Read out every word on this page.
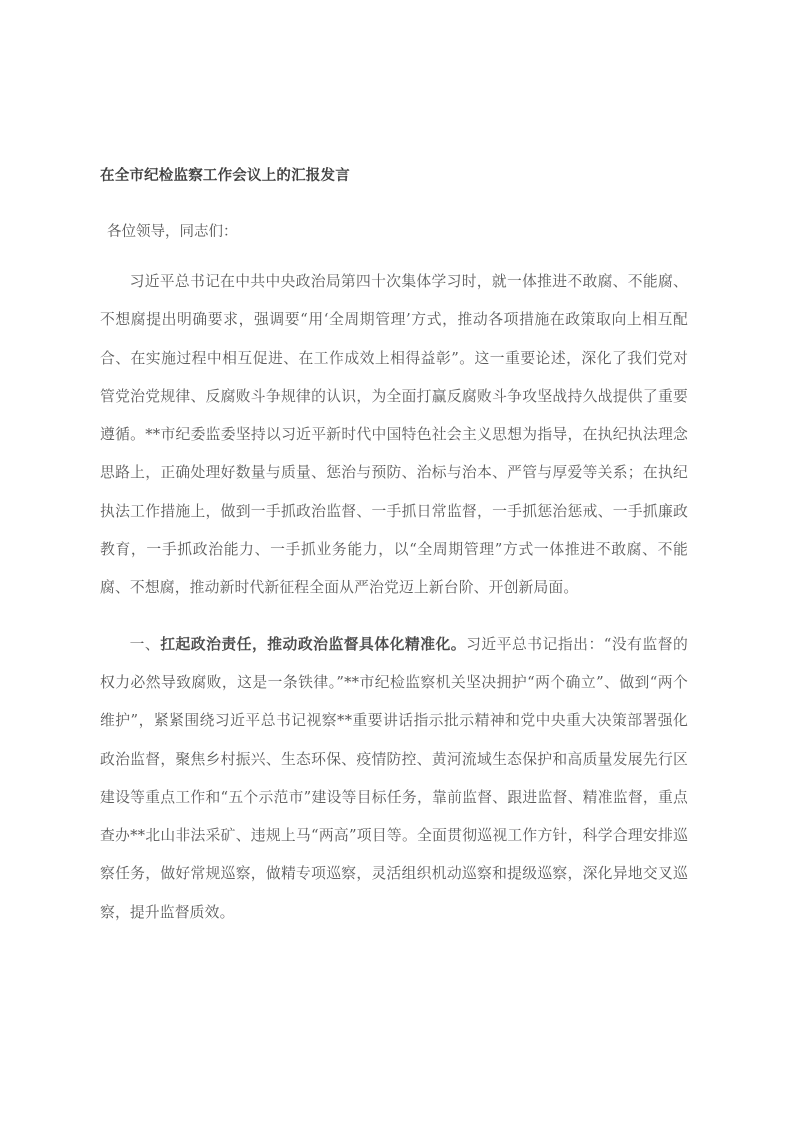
在全市纪检监察工作会议上的汇报发言

各位领导，同志们：

习近平总书记在中共中央政治局第四十次集体学习时，就一体推进不敢腐、不能腐、不想腐提出明确要求，强调要“用‘全周期管理’方式，推动各项措施在政策取向上相互配合、在实施过程中相互促进、在工作成效上相得益彰”。这一重要论述，深化了我们党对管党治党规律、反腐败斗争规律的认识，为全面打赢反腐败斗争攻坚战持久战提供了重要遵循。**市纪委监委坚持以习近平新时代中国特色社会主义思想为指导，在执纪执法理念思路上，正确处理好数量与质量、惩治与预防、治标与治本、严管与厚爱等关系；在执纪执法工作措施上，做到一手抓政治监督、一手抓日常监督，一手抓惩治惩戒、一手抓廉政教育，一手抓政治能力、一手抓业务能力，以“全周期管理”方式一体推进不敢腐、不能腐、不想腐，推动新时代新征程全面从严治党迈上新台阶、开创新局面。

一、扛起政治责任，推动政治监督具体化精准化。习近平总书记指出：“没有监督的权力必然导致腐败，这是一条铁律。”**市纪检监察机关坚决拥护“两个确立”、做到“两个维护”，紧紧围绕习近平总书记视察**重要讲话指示批示精神和党中央重大决策部署强化政治监督，聚焦乡村振兴、生态环保、疫情防控、黄河流域生态保护和高质量发展先行区建设等重点工作和“五个示范市”建设等目标任务，靠前监督、跟进监督、精准监督，重点查办**北山非法采矿、违规上马“两高”项目等。全面贯彻巡视工作方针，科学合理安排巡察任务，做好常规巡察，做精专项巡察，灵活组织机动巡察和提级巡察，深化异地交叉巡察，提升监督质效。
